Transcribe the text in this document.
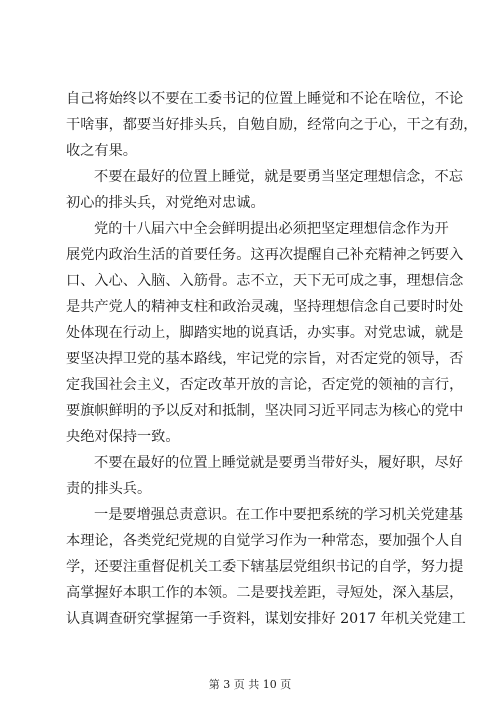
自己将始终以不要在工委书记的位置上睡觉和不论在啥位，不论
干啥事，都要当好排头兵，自勉自励，经常向之于心，干之有劲，
收之有果。
不要在最好的位置上睡觉，就是要勇当坚定理想信念，不忘
初心的排头兵，对党绝对忠诚。
党的十八届六中全会鲜明提出必须把坚定理想信念作为开
展党内政治生活的首要任务。这再次提醒自己补充精神之钙要入
口、入心、入脑、入筋骨。志不立，天下无可成之事，理想信念
是共产党人的精神支柱和政治灵魂，坚持理想信念自己要时时处
处体现在行动上，脚踏实地的说真话，办实事。对党忠诚，就是
要坚决捍卫党的基本路线，牢记党的宗旨，对否定党的领导，否
定我国社会主义，否定改革开放的言论，否定党的领袖的言行，
要旗帜鲜明的予以反对和抵制，坚决同习近平同志为核心的党中
央绝对保持一致。
不要在最好的位置上睡觉就是要勇当带好头，履好职，尽好
责的排头兵。
一是要增强总责意识。在工作中要把系统的学习机关党建基
本理论，各类党纪党规的自觉学习作为一种常态，要加强个人自
学，还要注重督促机关工委下辖基层党组织书记的自学，努力提
高掌握好本职工作的本领。二是要找差距，寻短处，深入基层，
认真调查研究掌握第一手资料，谋划安排好 2017 年机关党建工
第 3 页 共 10 页
